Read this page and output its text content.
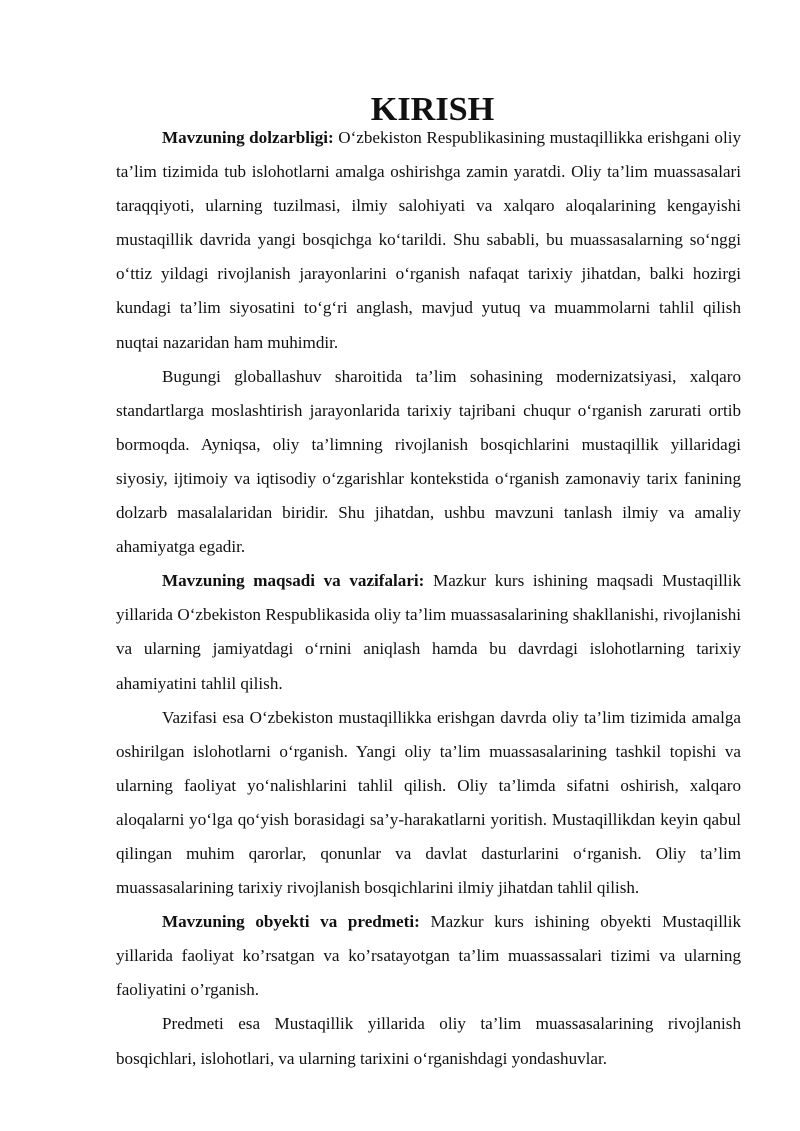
KIRISH

Mavzuning dolzarbligi: O‘zbekiston Respublikasining mustaqillikka erishgani oliy ta’lim tizimida tub islohotlarni amalga oshirishga zamin yaratdi. Oliy ta’lim muassasalari taraqqiyoti, ularning tuzilmasi, ilmiy salohiyati va xalqaro aloqalarining kengayishi mustaqillik davrida yangi bosqichga ko‘tarildi. Shu sababli, bu muassasalarning so‘nggi o‘ttiz yildagi rivojlanish jarayonlarini o‘rganish nafaqat tarixiy jihatdan, balki hozirgi kundagi ta’lim siyosatini to‘g‘ri anglash, mavjud yutuq va muammolarni tahlil qilish nuqtai nazaridan ham muhimdir.

Bugungi globallashuv sharoitida ta’lim sohasining modernizatsiyasi, xalqaro standartlarga moslashtirish jarayonlarida tarixiy tajribani chuqur o‘rganish zarurati ortib bormoqda. Ayniqsa, oliy ta’limning rivojlanish bosqichlarini mustaqillik yillaridagi siyosiy, ijtimoiy va iqtisodiy o‘zgarishlar kontekstida o‘rganish zamonaviy tarix fanining dolzarb masalalaridan biridir. Shu jihatdan, ushbu mavzuni tanlash ilmiy va amaliy ahamiyatga egadir.

Mavzuning maqsadi va vazifalari: Mazkur kurs ishining maqsadi Mustaqillik yillarida O‘zbekiston Respublikasida oliy ta’lim muassasalarining shakllanishi, rivojlanishi va ularning jamiyatdagi o‘rnini aniqlash hamda bu davrdagi islohotlarning tarixiy ahamiyatini tahlil qilish.

Vazifasi esa O‘zbekiston mustaqillikka erishgan davrda oliy ta’lim tizimida amalga oshirilgan islohotlarni o‘rganish. Yangi oliy ta’lim muassasalarining tashkil topishi va ularning faoliyat yo‘nalishlarini tahlil qilish. Oliy ta’limda sifatni oshirish, xalqaro aloqalarni yo‘lga qo‘yish borasidagi sa’y-harakatlarni yoritish. Mustaqillikdan keyin qabul qilingan muhim qarorlar, qonunlar va davlat dasturlarini o‘rganish. Oliy ta’lim muassasalarining tarixiy rivojlanish bosqichlarini ilmiy jihatdan tahlil qilish.

Mavzuning obyekti va predmeti: Mazkur kurs ishining obyekti Mustaqillik yillarida faoliyat ko’rsatgan va ko’rsatayotgan ta’lim muassassalari tizimi va ularning faoliyatini o’rganish.

Predmeti esa Mustaqillik yillarida oliy ta’lim muassasalarining rivojlanish bosqichlari, islohotlari, va ularning tarixini o‘rganishdagi yondashuvlar.
